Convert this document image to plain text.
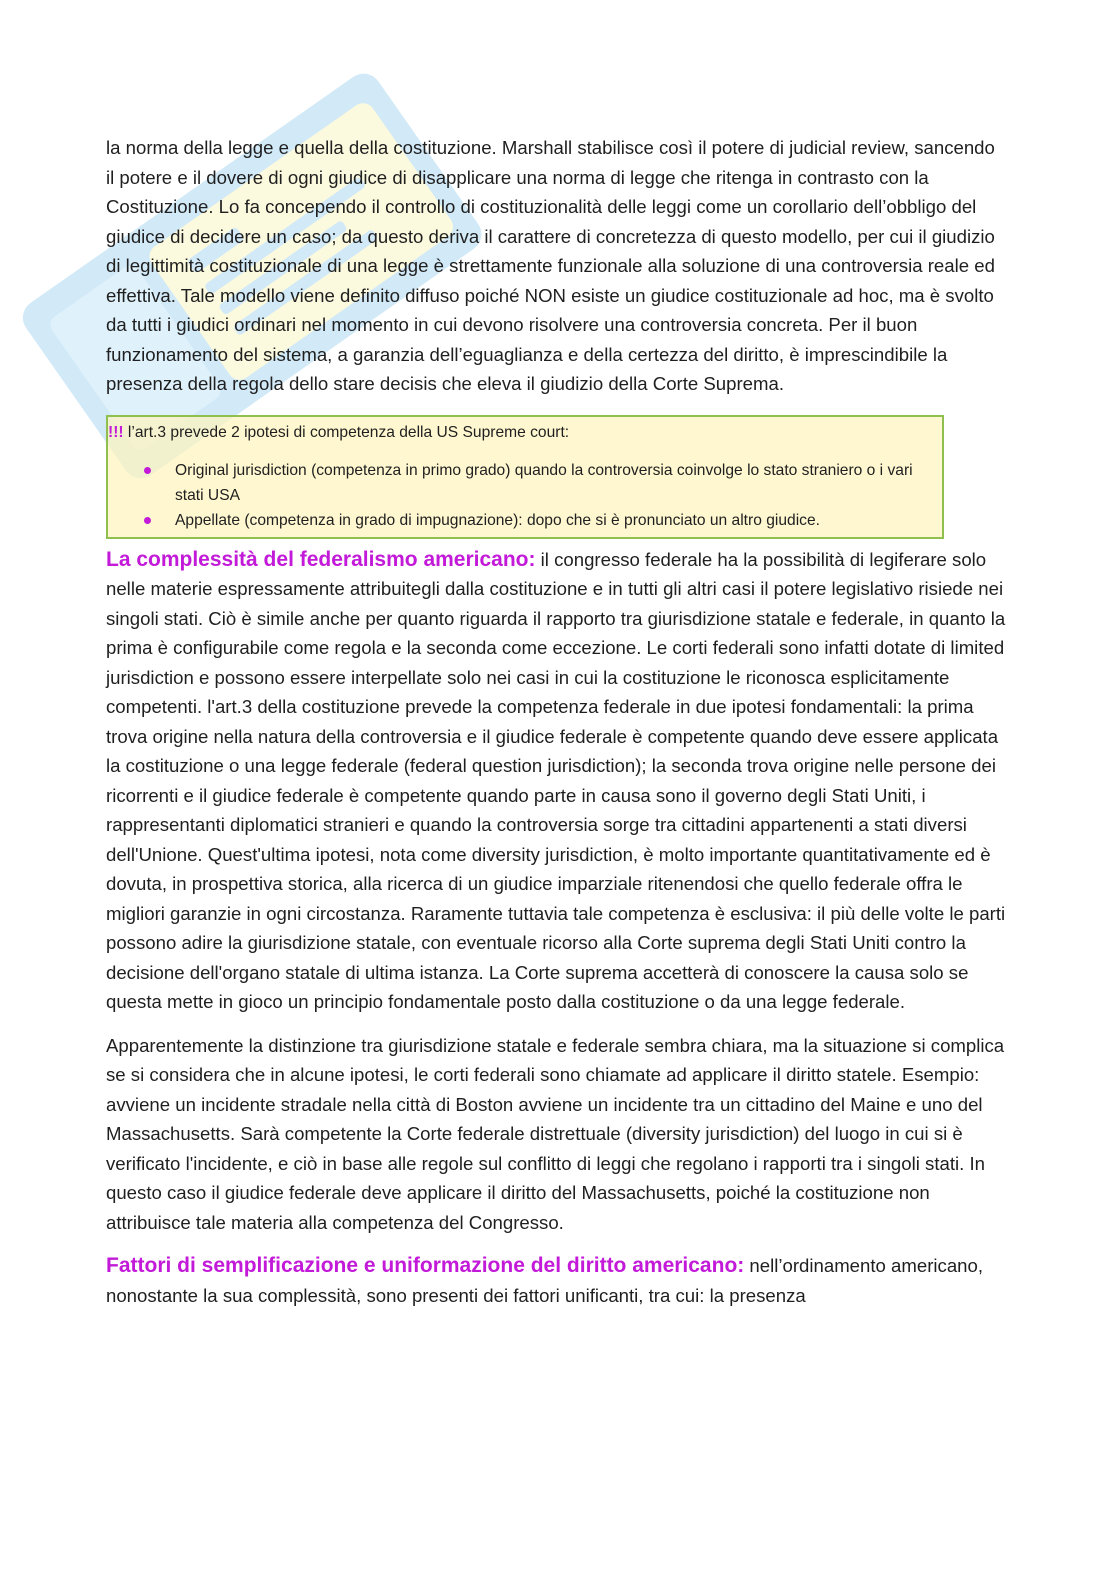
la norma della legge e quella della costituzione. Marshall stabilisce così il potere di judicial review, sancendo il potere e il dovere di ogni giudice di disapplicare una norma di legge che ritenga in contrasto con la Costituzione. Lo fa concependo il controllo di costituzionalità delle leggi come un corollario dell’obbligo del giudice di decidere un caso; da questo deriva il carattere di concretezza di questo modello, per cui il giudizio di legittimità costituzionale di una legge è strettamente funzionale alla soluzione di una controversia reale ed effettiva. Tale modello viene definito diffuso poiché NON esiste un giudice costituzionale ad hoc, ma è svolto da tutti i giudici ordinari nel momento in cui devono risolvere una controversia concreta. Per il buon funzionamento del sistema, a garanzia dell’eguaglianza e della certezza del diritto, è imprescindibile la presenza della regola dello stare decisis che eleva il giudizio della Corte Suprema.

!!! l’art.3 prevede 2 ipotesi di competenza della US Supreme court:
Original jurisdiction (competenza in primo grado) quando la controversia coinvolge lo stato straniero o i vari stati USA
Appellate (competenza in grado di impugnazione): dopo che si è pronunciato un altro giudice.

La complessità del federalismo americano: il congresso federale ha la possibilità di legiferare solo nelle materie espressamente attribuitegli dalla costituzione e in tutti gli altri casi il potere legislativo risiede nei singoli stati. Ciò è simile anche per quanto riguarda il rapporto tra giurisdizione statale e federale, in quanto la prima è configurabile come regola e la seconda come eccezione. Le corti federali sono infatti dotate di limited jurisdiction e possono essere interpellate solo nei casi in cui la costituzione le riconosca esplicitamente competenti. l'art.3 della costituzione prevede la competenza federale in due ipotesi fondamentali: la prima trova origine nella natura della controversia e il giudice federale è competente quando deve essere applicata la costituzione o una legge federale (federal question jurisdiction); la seconda trova origine nelle persone dei ricorrenti e il giudice federale è competente quando parte in causa sono il governo degli Stati Uniti, i rappresentanti diplomatici stranieri e quando la controversia sorge tra cittadini appartenenti a stati diversi dell'Unione. Quest'ultima ipotesi, nota come diversity jurisdiction, è molto importante quantitativamente ed è dovuta, in prospettiva storica, alla ricerca di un giudice imparziale ritenendosi che quello federale offra le migliori garanzie in ogni circostanza. Raramente tuttavia tale competenza è esclusiva: il più delle volte le parti possono adire la giurisdizione statale, con eventuale ricorso alla Corte suprema degli Stati Uniti contro la decisione dell'organo statale di ultima istanza. La Corte suprema accetterà di conoscere la causa solo se questa mette in gioco un principio fondamentale posto dalla costituzione o da una legge federale.

Apparentemente la distinzione tra giurisdizione statale e federale sembra chiara, ma la situazione si complica se si considera che in alcune ipotesi, le corti federali sono chiamate ad applicare il diritto statele. Esempio: avviene un incidente stradale nella città di Boston avviene un incidente tra un cittadino del Maine e uno del Massachusetts. Sarà competente la Corte federale distrettuale (diversity jurisdiction) del luogo in cui si è verificato l'incidente, e ciò in base alle regole sul conflitto di leggi che regolano i rapporti tra i singoli stati. In questo caso il giudice federale deve applicare il diritto del Massachusetts, poiché la costituzione non attribuisce tale materia alla competenza del Congresso.

Fattori di semplificazione e uniformazione del diritto americano: nell’ordinamento americano, nonostante la sua complessità, sono presenti dei fattori unificanti, tra cui: la presenza
